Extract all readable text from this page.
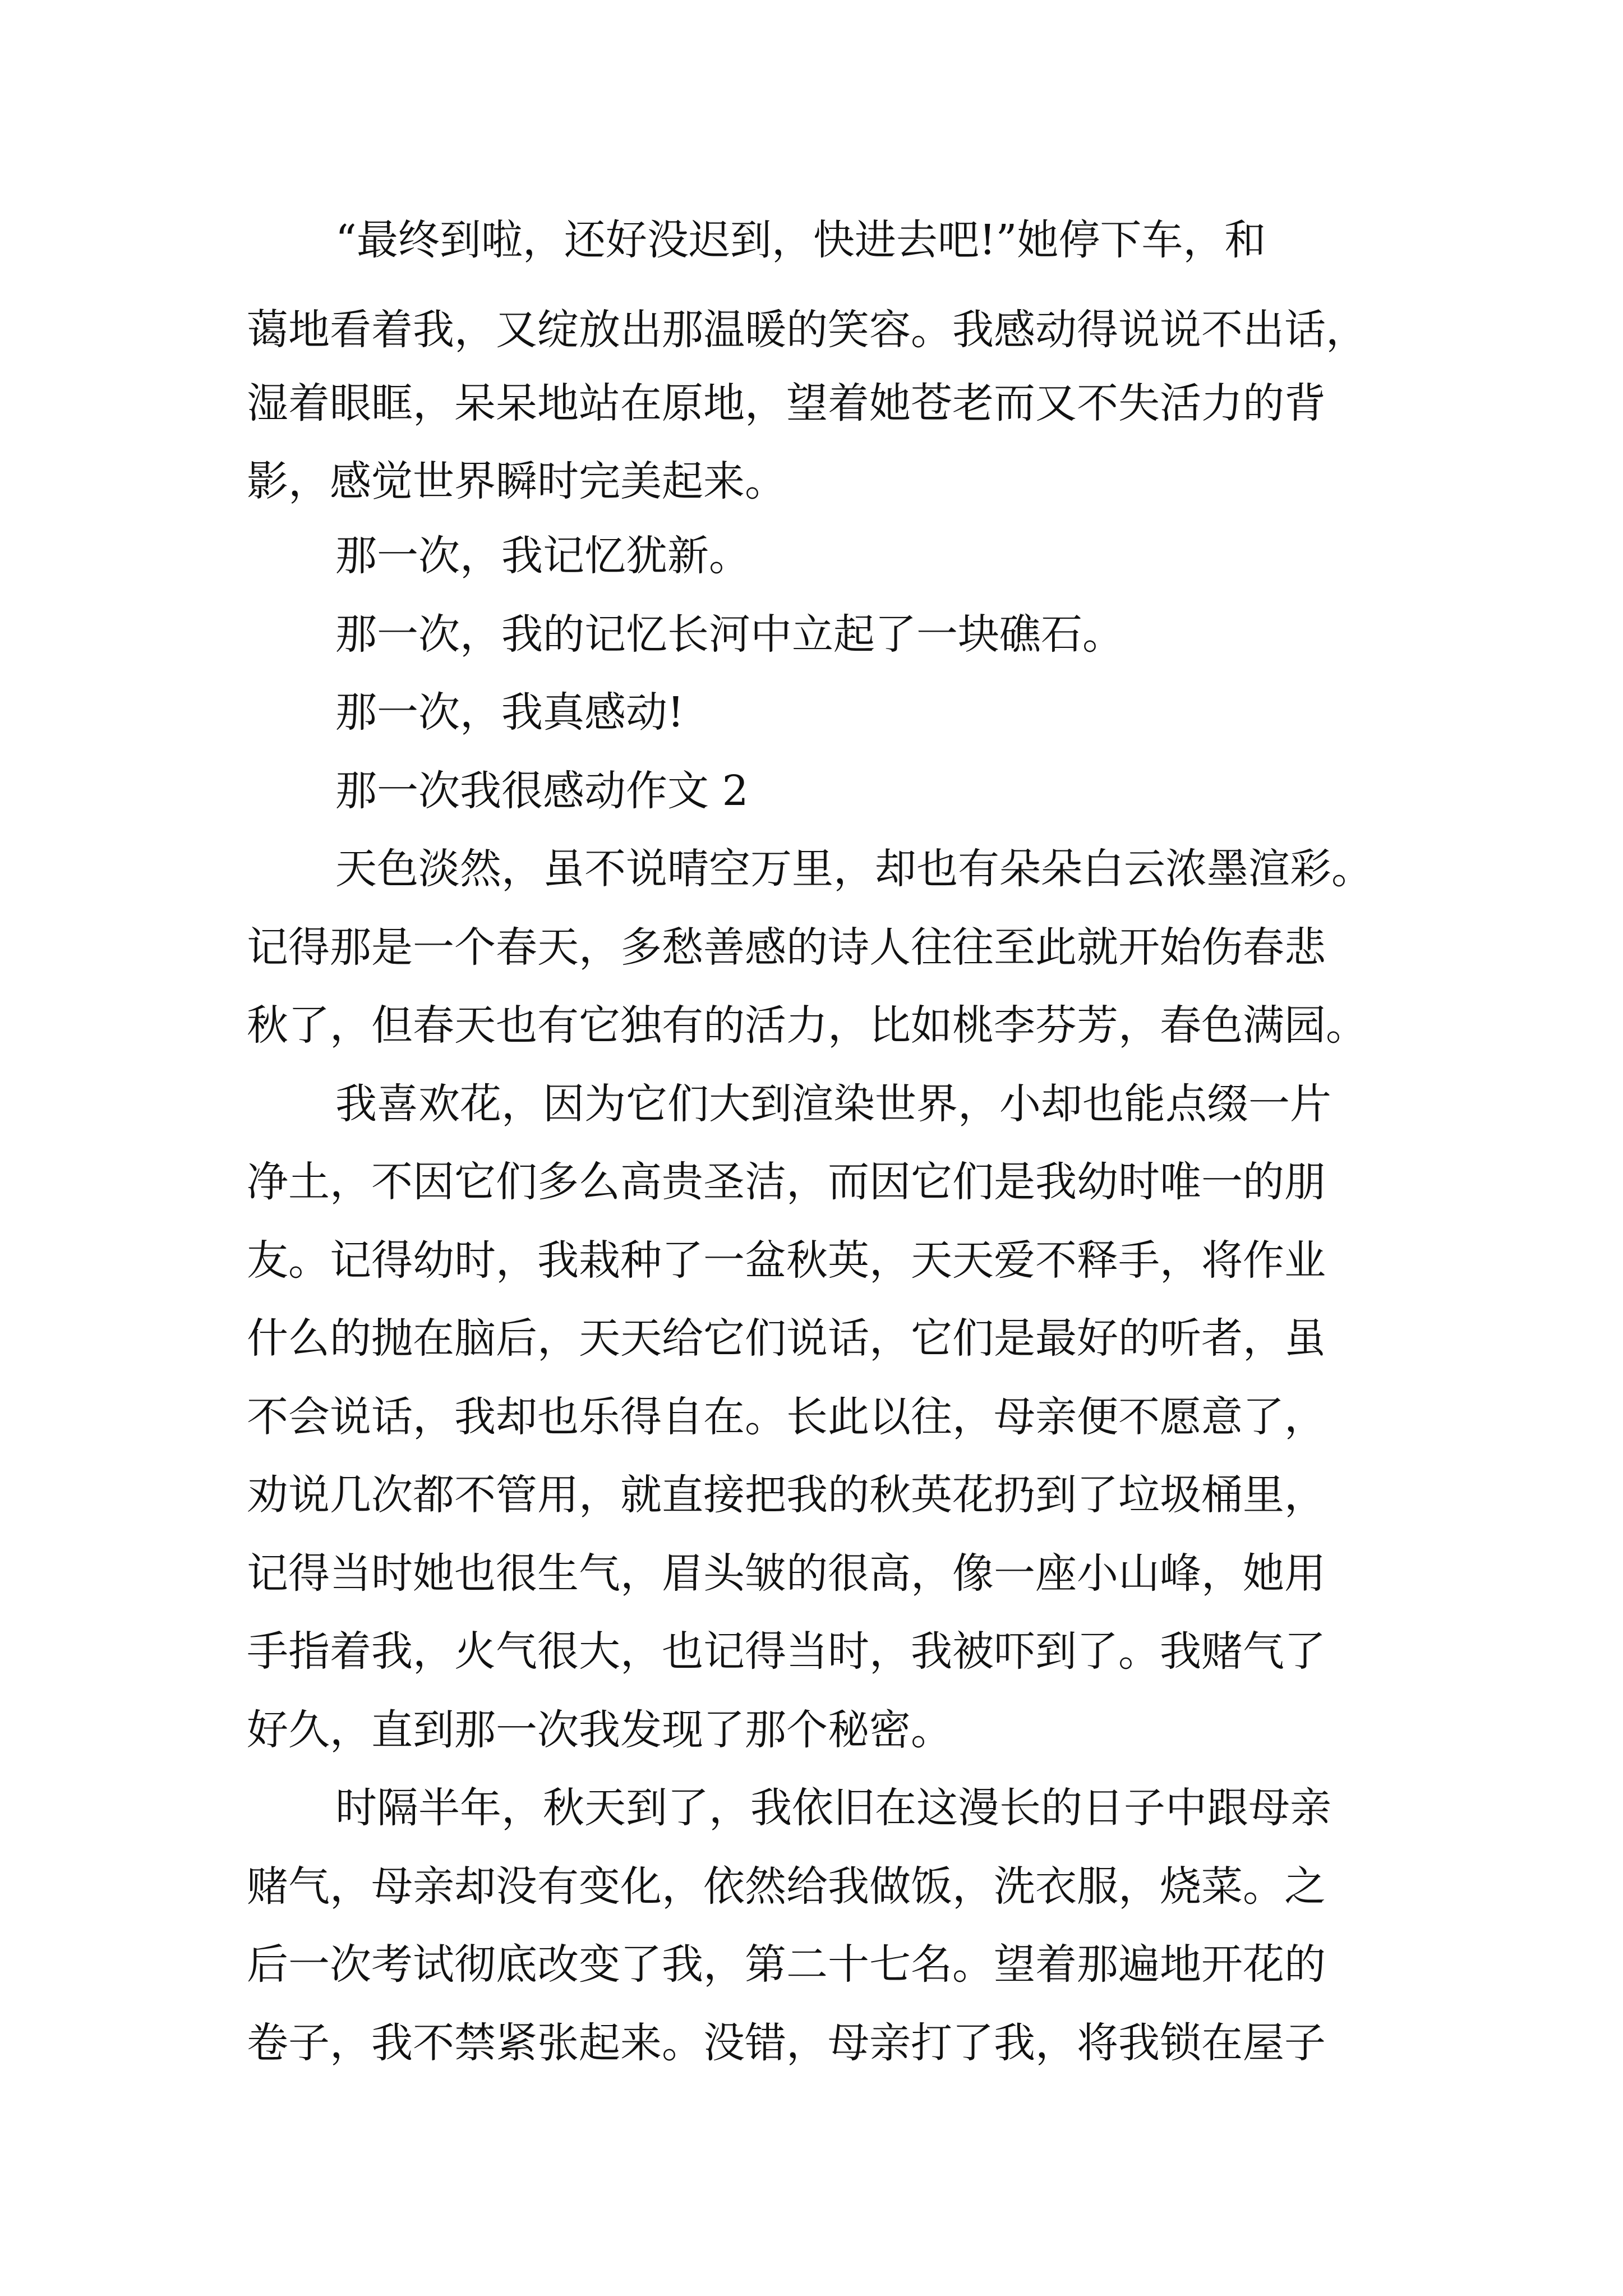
“最终到啦，还好没迟到，快进去吧!”她停下车，和
蔼地看着我，又绽放出那温暖的笑容。我感动得说说不出话，
湿着眼眶，呆呆地站在原地，望着她苍老而又不失活力的背
影，感觉世界瞬时完美起来。
那一次，我记忆犹新。
那一次，我的记忆长河中立起了一块礁石。
那一次，我真感动!
那一次我很感动作文 2
天色淡然，虽不说晴空万里，却也有朵朵白云浓墨渲彩。
记得那是一个春天，多愁善感的诗人往往至此就开始伤春悲
秋了，但春天也有它独有的活力，比如桃李芬芳，春色满园。
我喜欢花，因为它们大到渲染世界，小却也能点缀一片
净土，不因它们多么高贵圣洁，而因它们是我幼时唯一的朋
友。记得幼时，我栽种了一盆秋英，天天爱不释手，将作业
什么的抛在脑后，天天给它们说话，它们是最好的听者，虽
不会说话，我却也乐得自在。长此以往，母亲便不愿意了，
劝说几次都不管用，就直接把我的秋英花扔到了垃圾桶里，
记得当时她也很生气，眉头皱的很高，像一座小山峰，她用
手指着我，火气很大，也记得当时，我被吓到了。我赌气了
好久，直到那一次我发现了那个秘密。
时隔半年，秋天到了，我依旧在这漫长的日子中跟母亲
赌气，母亲却没有变化，依然给我做饭，洗衣服，烧菜。之
后一次考试彻底改变了我，第二十七名。望着那遍地开花的
卷子，我不禁紧张起来。没错，母亲打了我，将我锁在屋子
